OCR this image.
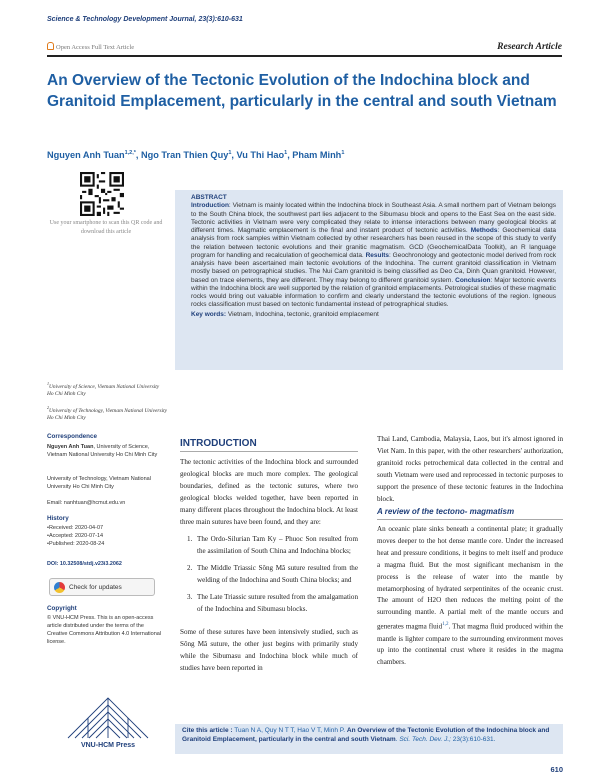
Science & Technology Development Journal, 23(3):610-631
Open Access Full Text Article	Research Article
An Overview of the Tectonic Evolution of the Indochina block and Granitoid Emplacement, particularly in the central and south Vietnam
Nguyen Anh Tuan$^{1,2,*}$, Ngo Tran Thien Quy$^1$, Vu Thi Hao$^1$, Pham Minh$^1$
Use your smartphone to scan this QR code and download this article
ABSTRACT
Introduction: Vietnam is mainly located within the Indochina block in Southeast Asia. A small northern part of Vietnam belongs to the South China block, the southwest part lies adjacent to the Sibumasu block and opens to the East Sea on the east side. Tectonic activities in Vietnam were very complicated they relate to intense interactions between many geological blocks at different times. Magmatic emplacement is the final and instant product of tectonic activities. Methods: Geochemical data analysis from rock samples within Vietnam collected by other researchers has been reused in the scope of this study to verify the relation between tectonic evolutions and their granitic magmatism. GCD (GeochemicalData Toolkit), an R language program for handling and recalculation of geochemical data. Results: Geochronology and geotectonic model derived from rock analysis have been ascertained main tectonic evolutions of the Indochina. The current granitoid classification in Vietnam mostly based on petrographical studies. The Nui Cam granitoid is being classified as Deo Ca, Dinh Quan granitoid. However, based on trace elements, they are different. They may belong to different granitoid system. Conclusion: Major tectonic events within the Indochina block are well supported by the relation of granitoid emplacements. Petrological studies of these magmatic rocks would bring out valuable information to confirm and clearly understand the tectonic evolutions of the region. Igneous rocks classification must based on tectonic fundamental instead of petrographical studies.
Key words: Vietnam, Indochina, tectonic, granitoid emplacement
$^1$University of Science, Vietnam National University Ho Chi Minh City
$^2$University of Technology, Vietnam National University Ho Chi Minh City
Correspondence
Nguyen Anh Tuan, University of Science, Vietnam National University Ho Chi Minh City
University of Technology, Vietnam National University Ho Chi Minh City
Email: nanhtuan@hcmut.edu.vn
History
• Received: 2020-04-07
• Accepted: 2020-07-14
• Published: 2020-08-24
DOI: 10.32508/stdj.v23i3.2062
Check for updates
Copyright
© VNU-HCM Press. This is an open-access article distributed under the terms of the Creative Commons Attribution 4.0 International license.
VNU-HCM Press
INTRODUCTION

The tectonic activities of the Indochina block and surrounded geological blocks are much more complex. The geological boundaries, defined as the tectonic sutures, where two geological blocks welded together, have been reported in many different places throughout the Indochina block. At least three main sutures have been found, and they are:

1. The Ordo-Silurian Tam Ky – Phuoc Son resulted from the assimilation of South China and Indochina blocks;
2. The Middle Triassic Sông Mã suture resulted from the welding of the Indochina and South China blocks; and
3. The Late Triassic suture resulted from the amalgamation of the Indochina and Sibumasu blocks.

Some of these sutures have been intensively studied, such as Sông Mã suture, the other just begins with primarily study while the Sibumasu and Indochina block while much of studies have been reported in

Thai Land, Cambodia, Malaysia, Laos, but it's almost ignored in Viet Nam. In this paper, with the other researchers' authorization, granitoid rocks petrochemical data collected in the central and south Vietnam were used and reprocessed in tectonic purposes to support the presence of these tectonic features in the Indochina block.

A review of the tectono- magmatism

An oceanic plate sinks beneath a continental plate; it gradually moves deeper to the hot dense mantle core. Under the increased heat and pressure conditions, it begins to melt itself and produce a magma fluid. But the most significant mechanism in the process is the release of water into the mantle by metamorphosing of hydrated serpentinites of the oceanic crust. The amount of H2O then reduces the melting point of the surrounding mantle. A partial melt of the mantle occurs and generates magma fluid$^{1,2}$. That magma fluid produced within the mantle is lighter compare to the surrounding environment moves up into the continental crust where it resides in the magma chambers.

Cite this article : Tuan N A, Quy N T T, Hao V T, Minh P. An Overview of the Tectonic Evolution of the Indochina block and Granitoid Emplacement, particularly in the central and south Vietnam. Sci. Tech. Dev. J.; 23(3):610-631.
610
